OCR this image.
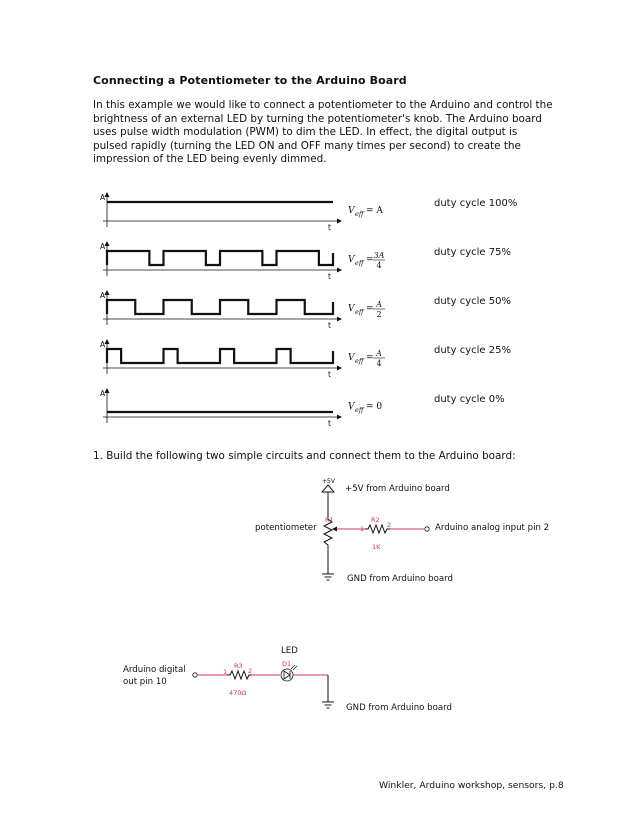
Connecting a Potentiometer to the Arduino Board
In this example we would like to connect a potentiometer to the Arduino and control the brightness of an external LED by turning the potentiometer's knob. The Arduino board uses pulse width modulation (PWM) to dim the LED. In effect, the digital output is pulsed rapidly (turning the LED ON and OFF many times per second) to create the impression of the LED being evenly dimmed.
A
t
V eff = A
A
t
V eff = 3A
4
A
t
V eff = A
2
A
t
V eff = A
4
A
t
V eff = 0
duty cycle 100%
duty cycle 75%
duty cycle 50%
duty cycle 25%
duty cycle 0%
1. Build the following two simple circuits and connect them to the Arduino board:
+5V
R1
1	2
R2
1K
+5V from Arduino board
potentiometer	Arduino analog input pin 2
GND from Arduino board
1	2
R3
470Ω
D1
LED
Arduino digital
out pin 10
GND from Arduino board
Winkler, Arduino workshop, sensors, p.8
